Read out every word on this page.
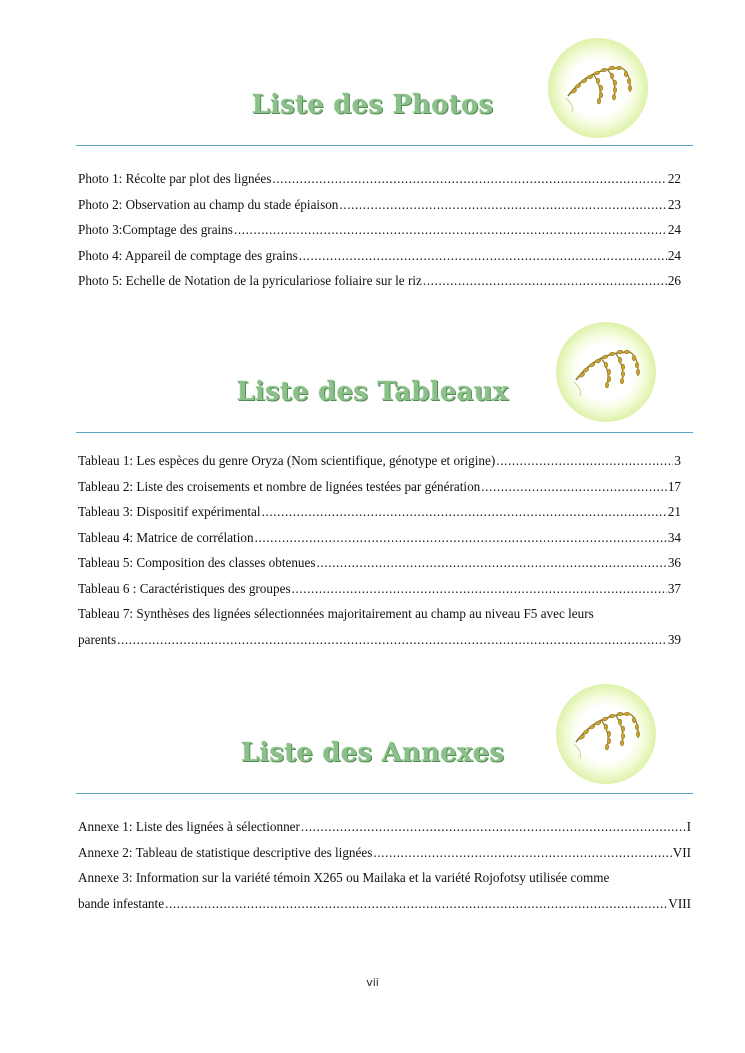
Liste des Photos
Photo 1: Récolte par plot des lignées .....	22
Photo 2: Observation au champ du stade épiaison .....	23
Photo 3:Comptage des grains .....	24
Photo 4: Appareil de comptage des grains .....	24
Photo 5: Echelle de Notation de la pyriculariose foliaire sur le riz .....	26
Liste des Tableaux
Tableau 1: Les espèces du genre Oryza (Nom scientifique, génotype et origine) .....	3
Tableau 2: Liste des croisements et nombre de lignées testées par génération .....	17
Tableau 3: Dispositif expérimental .....	21
Tableau 4: Matrice de corrélation .....	34
Tableau 5: Composition des classes obtenues .....	36
Tableau 6 : Caractéristiques des groupes .....	37
Tableau 7: Synthèses des lignées sélectionnées majoritairement au champ au niveau F5 avec leurs
parents .....	39
Liste des Annexes
Annexe 1: Liste des lignées à sélectionner .....	I
Annexe 2: Tableau de statistique descriptive des lignées .....	VII
Annexe 3: Information sur la variété témoin X265 ou Mailaka et la variété Rojofotsy utilisée comme
bande infestante .....	VIII
vii
